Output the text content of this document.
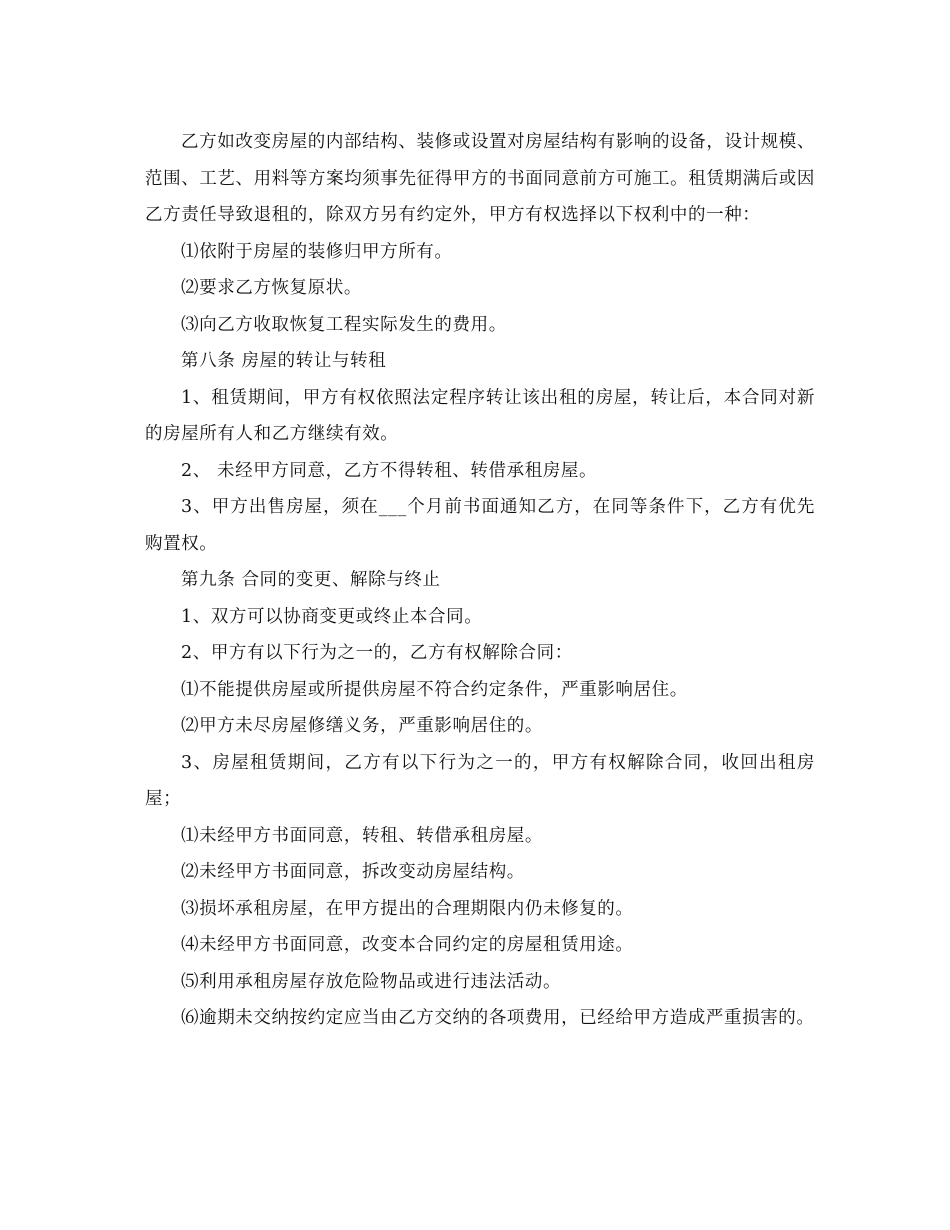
乙方如改变房屋的内部结构、装修或设置对房屋结构有影响的设备，设计规模、范围、工艺、用料等方案均须事先征得甲方的书面同意前方可施工。租赁期满后或因乙方责任导致退租的，除双方另有约定外，甲方有权选择以下权利中的一种：

⑴依附于房屋的装修归甲方所有。

⑵要求乙方恢复原状。

⑶向乙方收取恢复工程实际发生的费用。

第八条 房屋的转让与转租

1、租赁期间，甲方有权依照法定程序转让该出租的房屋，转让后，本合同对新的房屋所有人和乙方继续有效。

2、 未经甲方同意，乙方不得转租、转借承租房屋。

3、甲方出售房屋，须在___个月前书面通知乙方，在同等条件下，乙方有优先购置权。

第九条 合同的变更、解除与终止

1、双方可以协商变更或终止本合同。

2、甲方有以下行为之一的，乙方有权解除合同：

⑴不能提供房屋或所提供房屋不符合约定条件，严重影响居住。

⑵甲方未尽房屋修缮义务，严重影响居住的。

3、房屋租赁期间，乙方有以下行为之一的，甲方有权解除合同，收回出租房屋；

⑴未经甲方书面同意，转租、转借承租房屋。

⑵未经甲方书面同意，拆改变动房屋结构。

⑶损坏承租房屋，在甲方提出的合理期限内仍未修复的。

⑷未经甲方书面同意，改变本合同约定的房屋租赁用途。

⑸利用承租房屋存放危险物品或进行违法活动。

⑹逾期未交纳按约定应当由乙方交纳的各项费用，已经给甲方造成严重损害的。
